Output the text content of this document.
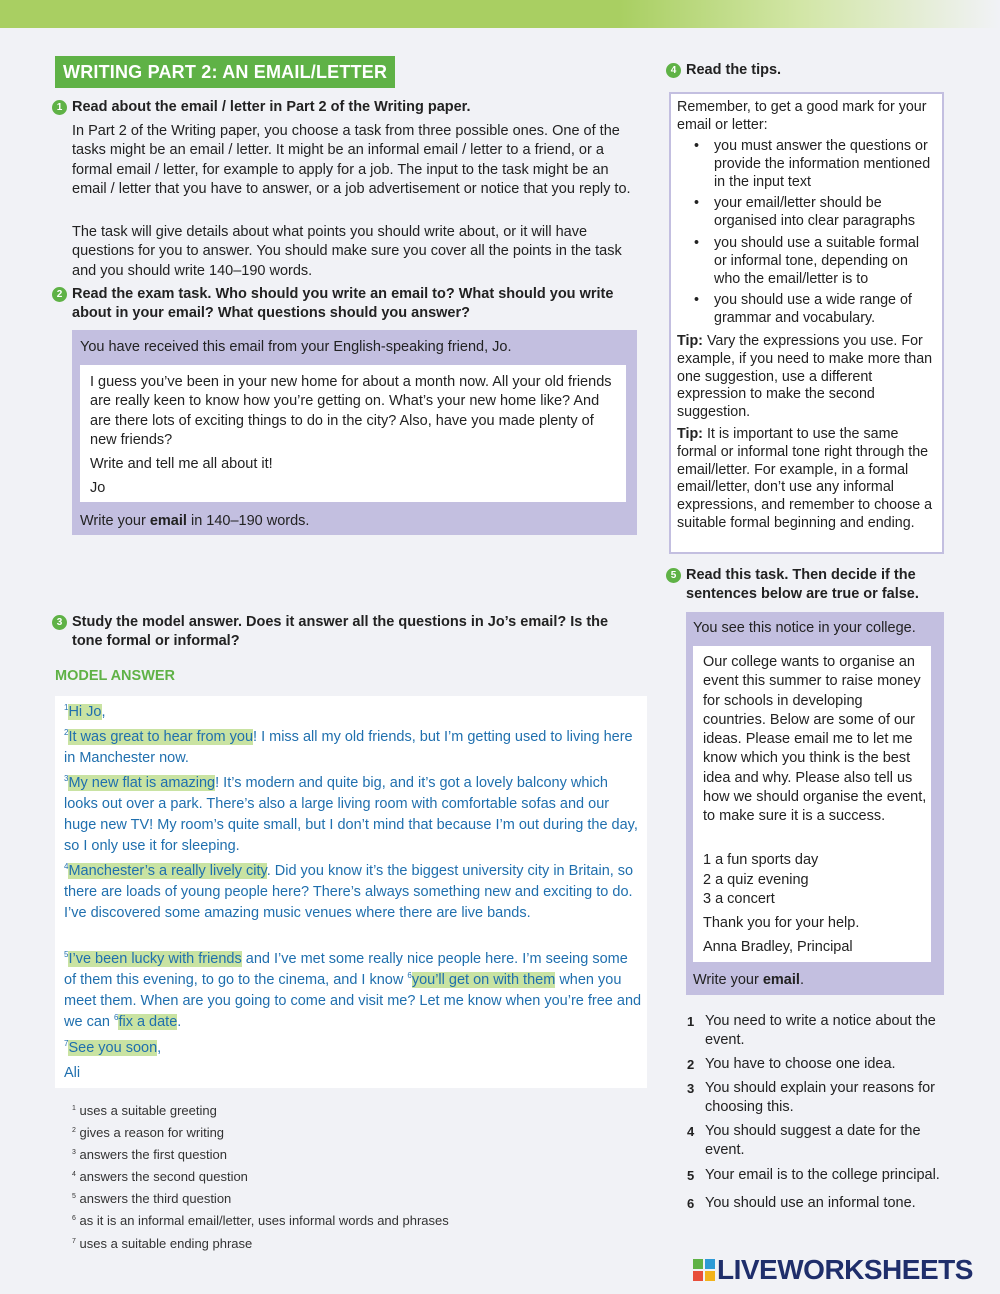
WRITING PART 2: AN EMAIL/LETTER
1 Read about the email / letter in Part 2 of the Writing paper.
In Part 2 of the Writing paper, you choose a task from three possible ones. One of the tasks might be an email / letter. It might be an informal email / letter to a friend, or a formal email / letter, for example to apply for a job. The input to the task might be an email / letter that you have to answer, or a job advertisement or notice that you reply to.
The task will give details about what points you should write about, or it will have questions for you to answer. You should make sure you cover all the points in the task and you should write 140–190 words.
2 Read the exam task. Who should you write an email to? What should you write about in your email? What questions should you answer?
You have received this email from your English-speaking friend, Jo.
I guess you’ve been in your new home for about a month now. All your old friends are really keen to know how you’re getting on. What’s your new home like? And are there lots of exciting things to do in the city? Also, have you made plenty of new friends?
Write and tell me all about it!
Jo
Write your email in 140–190 words.
3 Study the model answer. Does it answer all the questions in Jo’s email? Is the tone formal or informal?
MODEL ANSWER
$^1$Hi Jo,
$^2$It was great to hear from you! I miss all my old friends, but I’m getting used to living here in Manchester now.
$^3$My new flat is amazing! It’s modern and quite big, and it’s got a lovely balcony which looks out over a park. There’s also a large living room with comfortable sofas and our huge new TV! My room’s quite small, but I don’t mind that because I’m out during the day, so I only use it for sleeping.
$^4$Manchester’s a really lively city. Did you know it’s the biggest university city in Britain, so there are loads of young people here? There’s always something new and exciting to do. I’ve discovered some amazing music venues where there are live bands.
$^5$I’ve been lucky with friends and I’ve met some really nice people here. I’m seeing some of them this evening, to go to the cinema, and I know $^6$you’ll get on with them when you meet them. When are you going to come and visit me? Let me know when you’re free and we can $^6$fix a date.
$^7$See you soon,
Ali
$^1$ uses a suitable greeting
$^2$ gives a reason for writing
$^3$ answers the first question
$^4$ answers the second question
$^5$ answers the third question
$^6$ as it is an informal email/letter, uses informal words and phrases
$^7$ uses a suitable ending phrase
4 Read the tips.
Remember, to get a good mark for your email or letter:
•	you must answer the questions or provide the information mentioned in the input text
•	your email/letter should be organised into clear paragraphs
•	you should use a suitable formal or informal tone, depending on who the email/letter is to
•	you should use a wide range of grammar and vocabulary.
Tip: Vary the expressions you use. For example, if you need to make more than one suggestion, use a different expression to make the second suggestion.
Tip: It is important to use the same formal or informal tone right through the email/letter. For example, in a formal email/letter, don’t use any informal expressions, and remember to choose a suitable formal beginning and ending.
5 Read this task. Then decide if the sentences below are true or false.
You see this notice in your college.
Our college wants to organise an event this summer to raise money for schools in developing countries. Below are some of our ideas. Please email me to let me know which you think is the best idea and why. Please also tell us how we should organise the event, to make sure it is a success.
1 a fun sports day
2 a quiz evening
3 a concert
Thank you for your help.
Anna Bradley, Principal
Write your email.
1 You need to write a notice about the event.
2 You have to choose one idea.
3 You should explain your reasons for choosing this.
4 You should suggest a date for the event.
5 Your email is to the college principal.
6 You should use an informal tone.
LIVEWORKSHEETS
